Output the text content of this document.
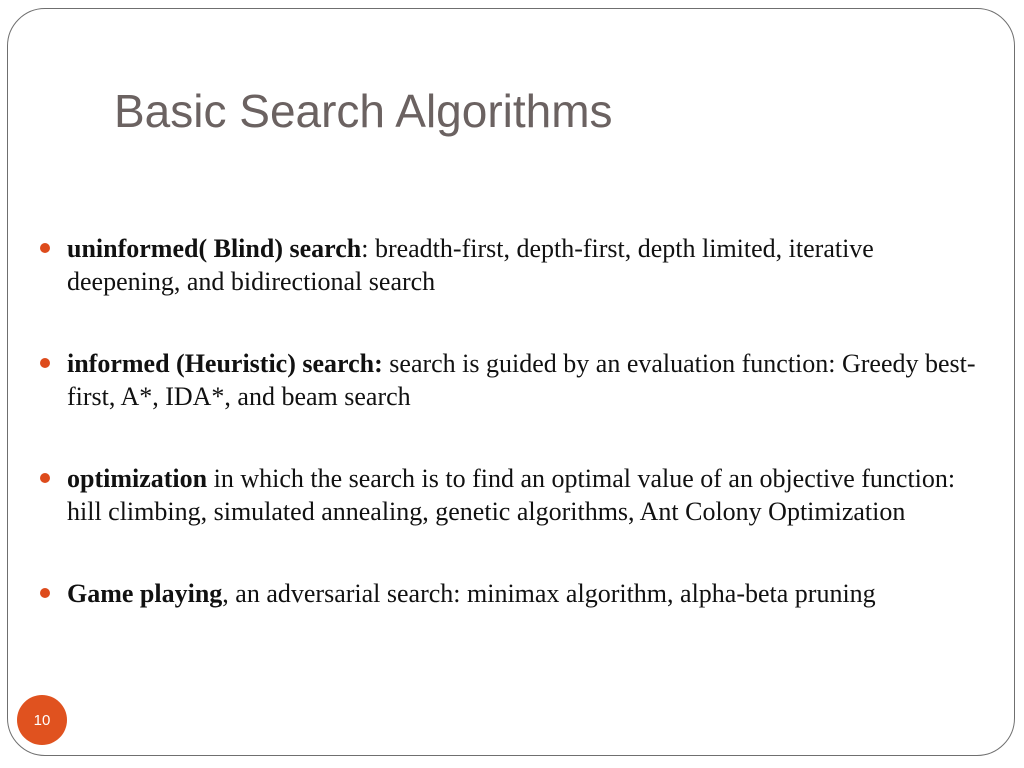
Basic Search Algorithms
uninformed( Blind) search: breadth-first, depth-first, depth limited, iterative deepening, and bidirectional search
informed (Heuristic) search: search is guided by an evaluation function: Greedy best-first, A*, IDA*, and beam search
optimization in which the search is to find an optimal value of an objective function: hill climbing, simulated annealing, genetic algorithms, Ant Colony Optimization
Game playing, an adversarial search: minimax algorithm, alpha-beta pruning
10
